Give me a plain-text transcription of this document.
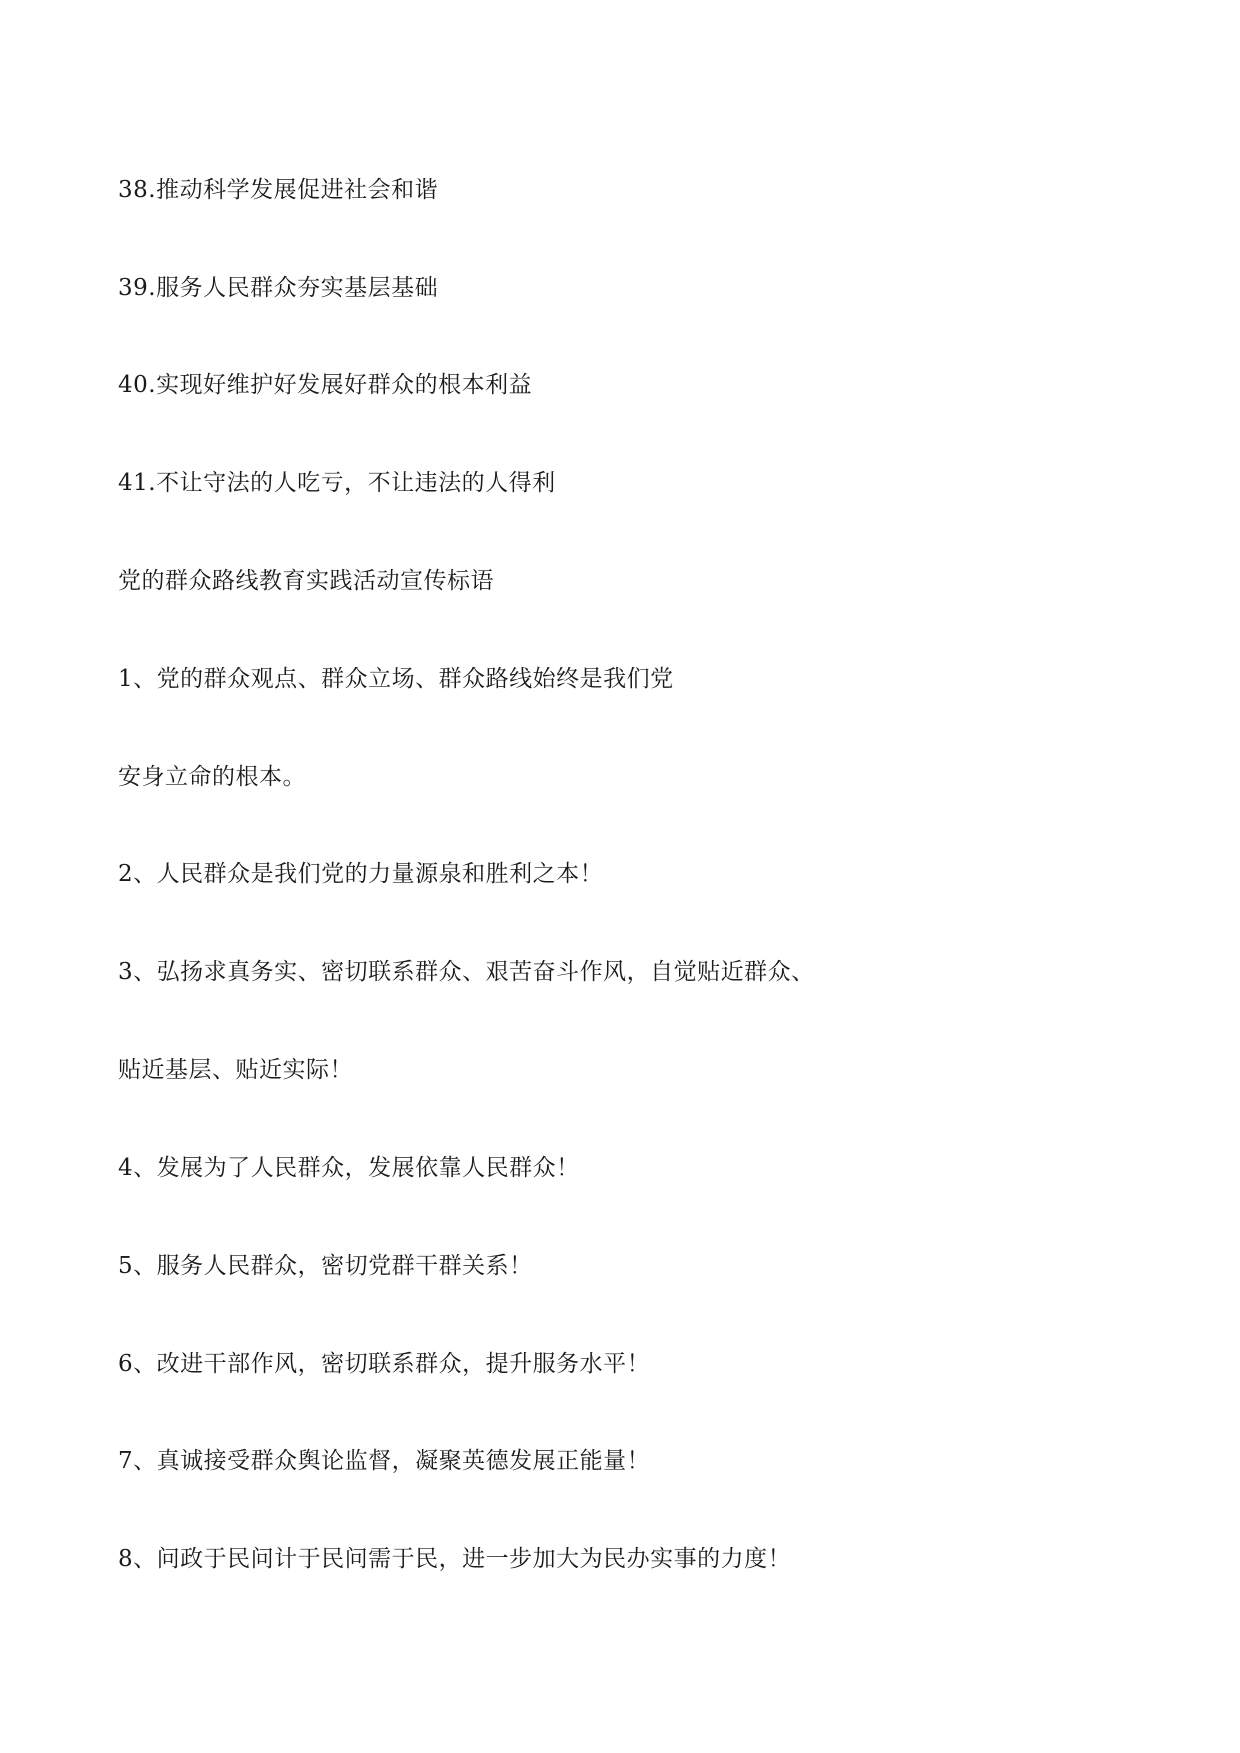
38.推动科学发展促进社会和谐
39.服务人民群众夯实基层基础
40.实现好维护好发展好群众的根本利益
41.不让守法的人吃亏，不让违法的人得利
党的群众路线教育实践活动宣传标语
1、党的群众观点、群众立场、群众路线始终是我们党
安身立命的根本。
2、人民群众是我们党的力量源泉和胜利之本！
3、弘扬求真务实、密切联系群众、艰苦奋斗作风，自觉贴近群众、
贴近基层、贴近实际！
4、发展为了人民群众，发展依靠人民群众！
5、服务人民群众，密切党群干群关系！
6、改进干部作风，密切联系群众，提升服务水平！
7、真诚接受群众舆论监督，凝聚英德发展正能量！
8、问政于民问计于民问需于民，进一步加大为民办实事的力度！
